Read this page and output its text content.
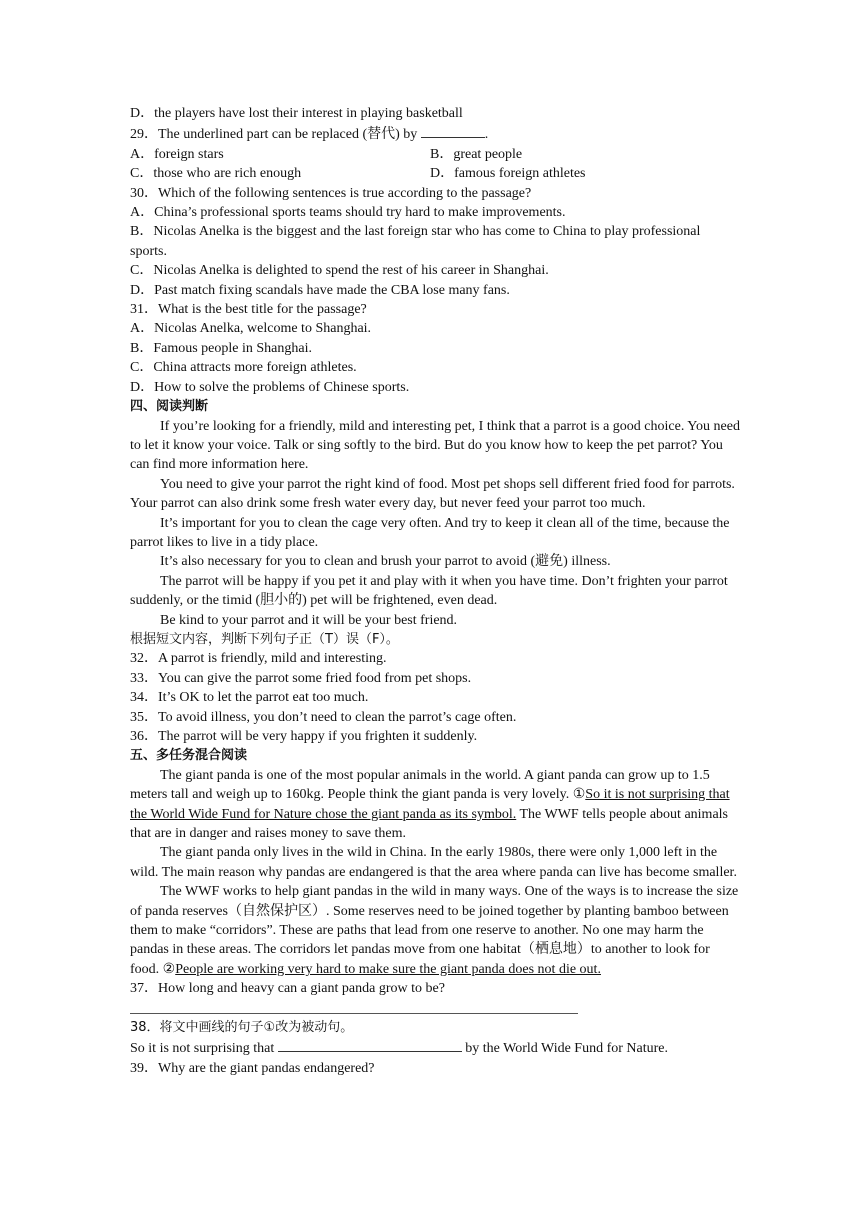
D．the players have lost their interest in playing basketball
29．The underlined part can be replaced (替代) by	.
A．foreign stars	B．great people
C．those who are rich enough	D．famous foreign athletes
30．Which of the following sentences is true according to the passage?
A．China’s professional sports teams should try hard to make improvements.
B．Nicolas Anelka is the biggest and the last foreign star who has come to China to play professional sports.
C．Nicolas Anelka is delighted to spend the rest of his career in Shanghai.
D．Past match fixing scandals have made the CBA lose many fans.
31．What is the best title for the passage?
A．Nicolas Anelka, welcome to Shanghai.
B．Famous people in Shanghai.
C．China attracts more foreign athletes.
D．How to solve the problems of Chinese sports.
四、阅读判断
If you’re looking for a friendly, mild and interesting pet, I think that a parrot is a good choice. You need to let it know your voice. Talk or sing softly to the bird. But do you know how to keep the pet parrot? You can find more information here.
You need to give your parrot the right kind of food. Most pet shops sell different fried food for parrots. Your parrot can also drink some fresh water every day, but never feed your parrot too much.
It’s important for you to clean the cage very often. And try to keep it clean all of the time, because the parrot likes to live in a tidy place.
It’s also necessary for you to clean and brush your parrot to avoid (避免) illness.
The parrot will be happy if you pet it and play with it when you have time. Don’t frighten your parrot suddenly, or the timid (胆小的) pet will be frightened, even dead.
Be kind to your parrot and it will be your best friend.
根据短文内容，判断下列句子正（T）误（F）。
32．A parrot is friendly, mild and interesting.
33．You can give the parrot some fried food from pet shops.
34．It’s OK to let the parrot eat too much.
35．To avoid illness, you don’t need to clean the parrot’s cage often.
36．The parrot will be very happy if you frighten it suddenly.
五、多任务混合阅读
The giant panda is one of the most popular animals in the world. A giant panda can grow up to 1.5 meters tall and weigh up to 160kg. People think the giant panda is very lovely. ①So it is not surprising that the World Wide Fund for Nature chose the giant panda as its symbol. The WWF tells people about animals that are in danger and raises money to save them.
The giant panda only lives in the wild in China. In the early 1980s, there were only 1,000 left in the wild. The main reason why pandas are endangered is that the area where panda can live has become smaller.
The WWF works to help giant pandas in the wild in many ways. One of the ways is to increase the size of panda reserves（自然保护区）. Some reserves need to be joined together by planting bamboo between them to make “corridors”. These are paths that lead from one reserve to another. No one may harm the pandas in these areas. The corridors let pandas move from one habitat（栖息地）to another to look for food. ②People are working very hard to make sure the giant panda does not die out.
37．How long and heavy can a giant panda grow to be?
38．将文中画线的句子①改为被动句。
So it is not surprising that	by the World Wide Fund for Nature.
39．Why are the giant pandas endangered?
